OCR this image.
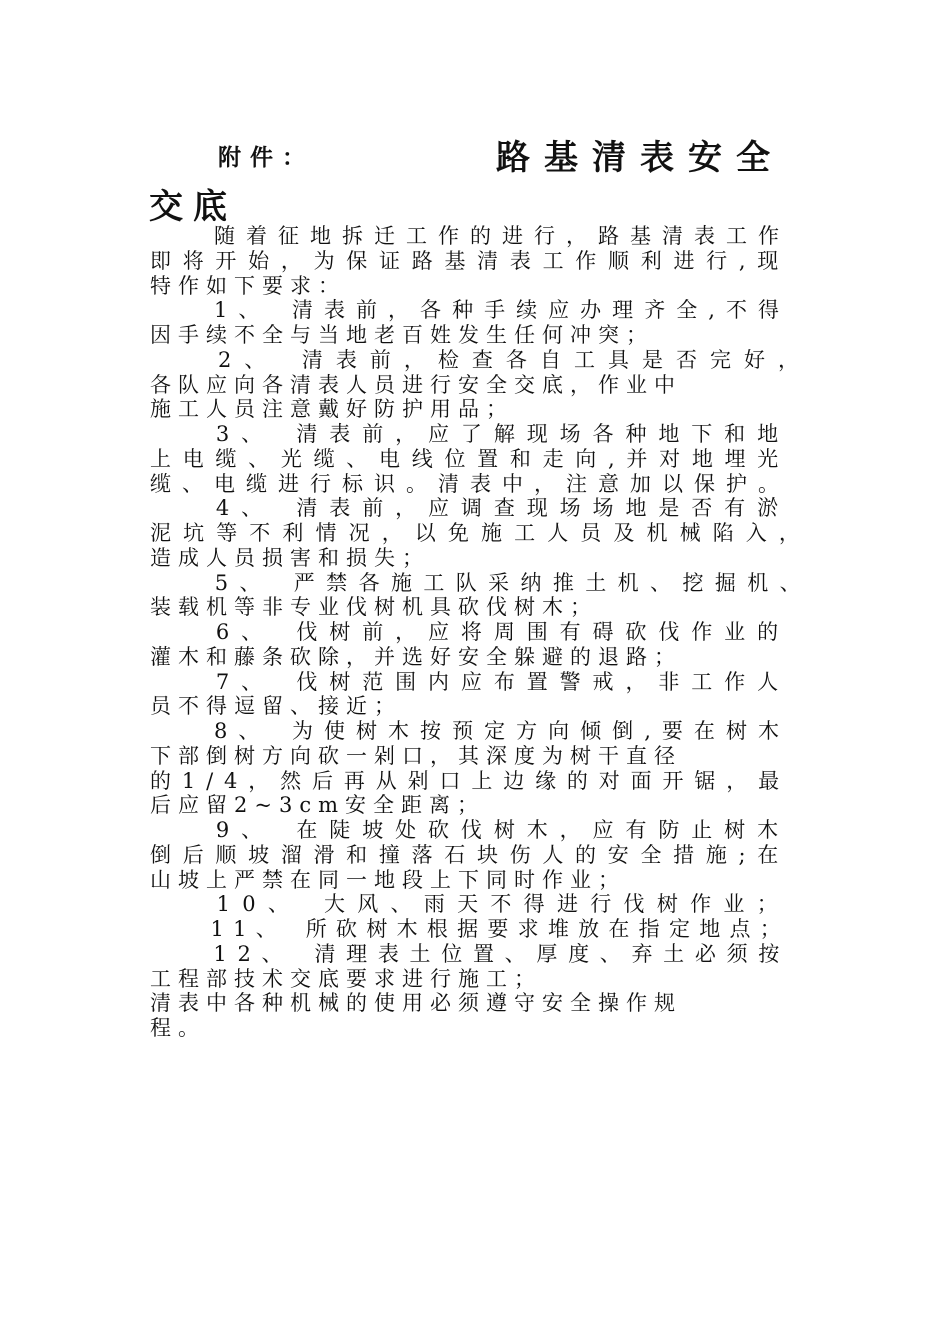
附件：	路基清表安全
交底
　　随着征地拆迁工作的进行，路基清表工作
即将开始，为保证路基清表工作顺利进行,现
特作如下要求：
　　1、　清表前，各种手续应办理齐全,不得
因手续不全与当地老百姓发生任何冲突；
　　2、　清表前，检查各自工具是否完好，
各队应向各清表人员进行安全交底，作业中
施工人员注意戴好防护用品；
　　3、　清表前，应了解现场各种地下和地
上电缆、光缆、电线位置和走向,并对地埋光
缆、电缆进行标识。清表中，注意加以保护。
　　4、　清表前，应调查现场场地是否有淤
泥坑等不利情况，以免施工人员及机械陷入，
造成人员损害和损失；
　　5、　严禁各施工队采纳推土机、挖掘机、
装载机等非专业伐树机具砍伐树木；
　　6、　伐树前，应将周围有碍砍伐作业的
灌木和藤条砍除，并选好安全躲避的退路；
　　7、　伐树范围内应布置警戒，非工作人
员不得逗留、接近；
　　8、　为使树木按预定方向倾倒,要在树木
下部倒树方向砍一剁口，其深度为树干直径
的1/4，然后再从剁口上边缘的对面开锯，最
后应留2~3cm安全距离；
　　9、　在陡坡处砍伐树木，应有防止树木
倒后顺坡溜滑和撞落石块伤人的安全措施;在
山坡上严禁在同一地段上下同时作业；
　　10、　大风、雨天不得进行伐树作业；
　　11、　所砍树木根据要求堆放在指定地点；
　　12、　清理表土位置、厚度、弃土必须按
工程部技术交底要求进行施工；
清表中各种机械的使用必须遵守安全操作规
程。
